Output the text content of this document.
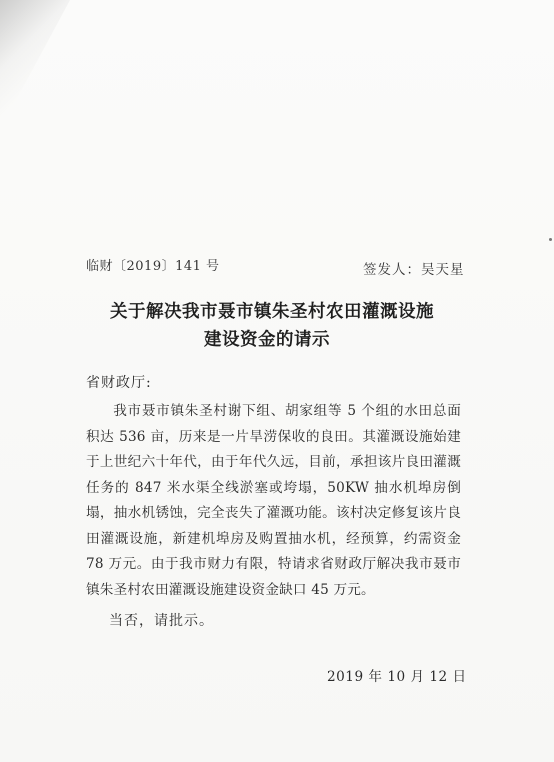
临财〔2019〕141 号	签发人：吴天星
关于解决我市聂市镇朱圣村农田灌溉设施
建设资金的请示
省财政厅:

我市聂市镇朱圣村谢下组、胡家组等 5 个组的水田总面积达 536 亩，历来是一片旱涝保收的良田。其灌溉设施始建于上世纪六十年代，由于年代久远，目前，承担该片良田灌溉任务的 847 米水渠全线淤塞或垮塌，50KW 抽水机埠房倒塌，抽水机锈蚀，完全丧失了灌溉功能。该村决定修复该片良田灌溉设施，新建机埠房及购置抽水机，经预算，约需资金 78 万元。由于我市财力有限，特请求省财政厅解决我市聂市镇朱圣村农田灌溉设施建设资金缺口 45 万元。

当否，请批示。
2019 年 10 月 12 日
